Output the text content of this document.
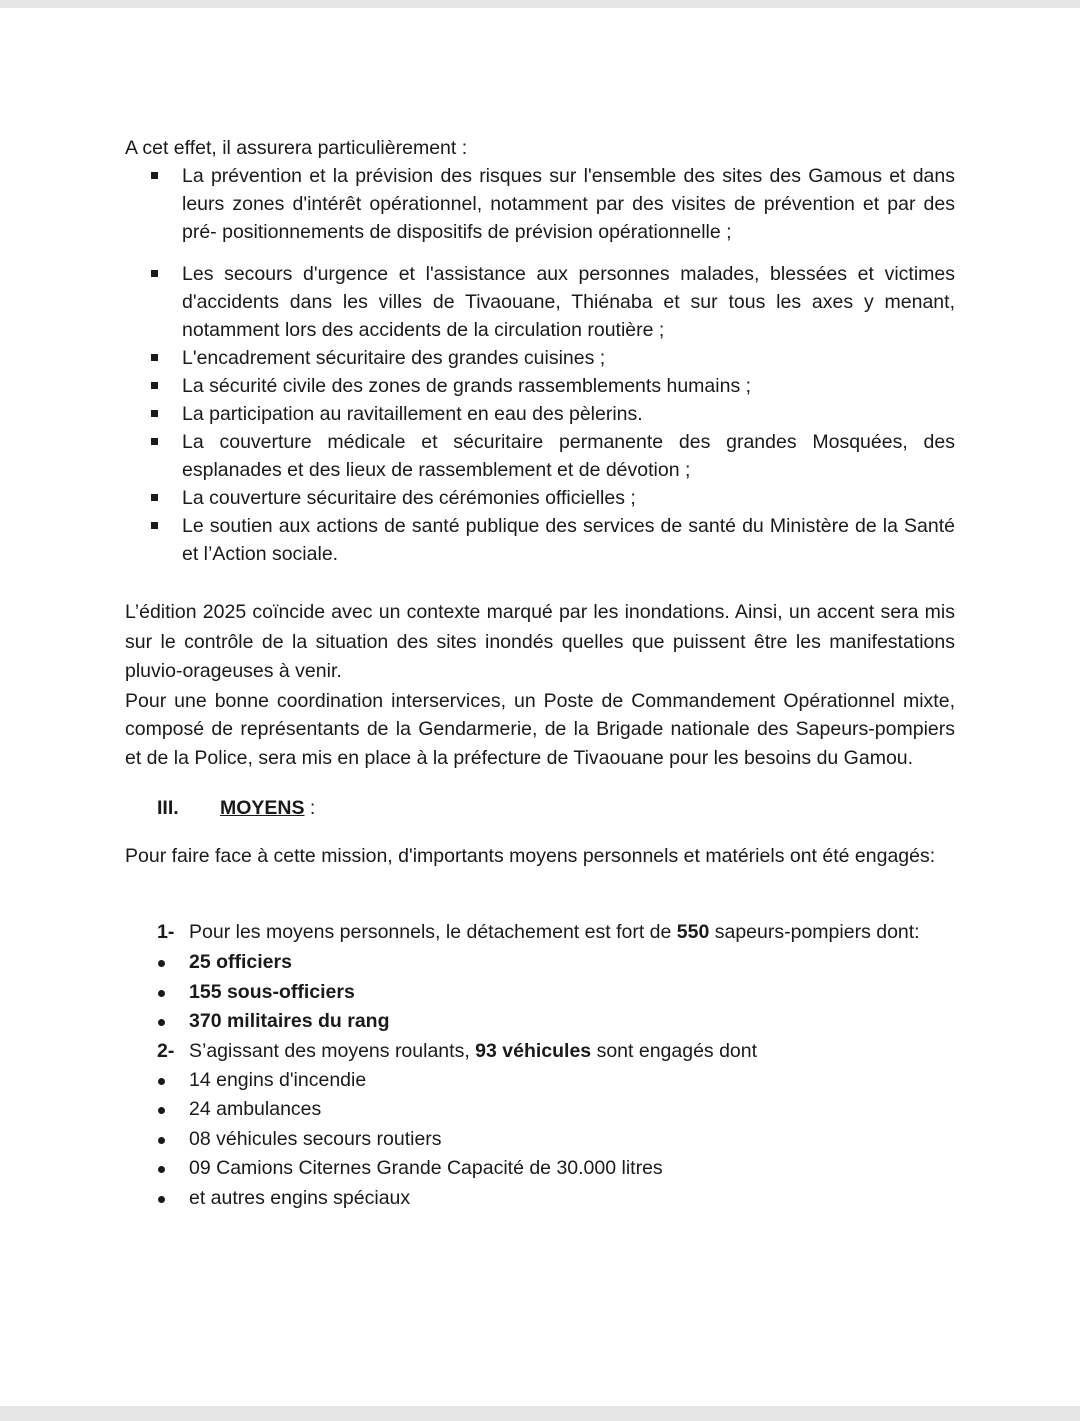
A cet effet, il assurera particulièrement :

La prévention et la prévision des risques sur l'ensemble des sites des Gamous et dans leurs zones d'intérêt opérationnel, notamment par des visites de prévention et par des pré- positionnements de dispositifs de prévision opérationnelle ;
Les secours d'urgence et l'assistance aux personnes malades, blessées et victimes d'accidents dans les villes de Tivaouane, Thiénaba et sur tous les axes y menant, notamment lors des accidents de la circulation routière ;
L'encadrement sécuritaire des grandes cuisines ;
La sécurité civile des zones de grands rassemblements humains ;
La participation au ravitaillement en eau des pèlerins.
La couverture médicale et sécuritaire permanente des grandes Mosquées, des esplanades et des lieux de rassemblement et de dévotion ;
La couverture sécuritaire des cérémonies officielles ;
Le soutien aux actions de santé publique des services de santé du Ministère de la Santé et l’Action sociale.

L’édition 2025 coïncide avec un contexte marqué par les inondations. Ainsi, un accent sera mis sur le contrôle de la situation des sites inondés quelles que puissent être les manifestations pluvio-orageuses à venir.

Pour une bonne coordination interservices, un Poste de Commandement Opérationnel mixte, composé de représentants de la Gendarmerie, de la Brigade nationale des Sapeurs-pompiers et de la Police, sera mis en place à la préfecture de Tivaouane pour les besoins du Gamou.

III. MOYENS :

Pour faire face à cette mission, d'importants moyens personnels et matériels ont été engagés:

1- Pour les moyens personnels, le détachement est fort de 550 sapeurs-pompiers dont:
25 officiers
155 sous-officiers
370 militaires du rang
2- S’agissant des moyens roulants, 93 véhicules sont engagés dont
14 engins d'incendie
24 ambulances
08 véhicules secours routiers
09 Camions Citernes Grande Capacité de 30.000 litres
et autres engins spéciaux
